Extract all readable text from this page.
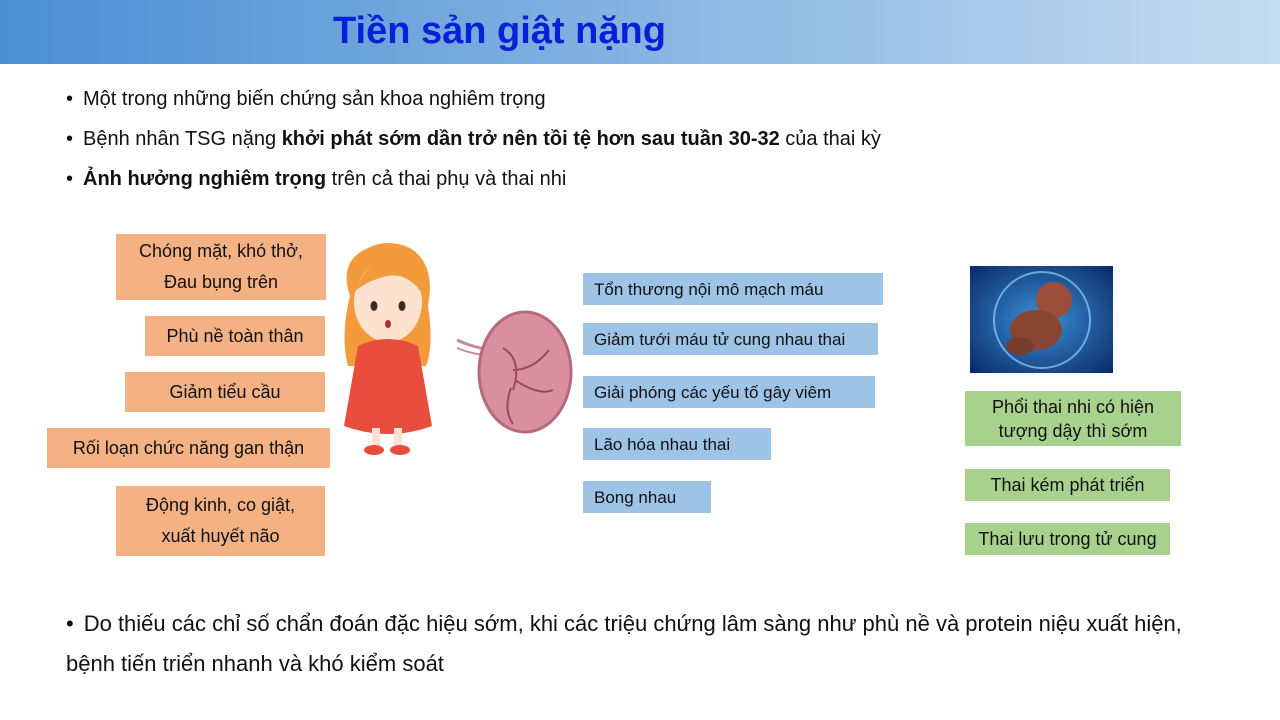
Tiền sản giật nặng
• Một trong những biến chứng sản khoa nghiêm trọng
• Bệnh nhân TSG nặng khởi phát sớm dần trở nên tồi tệ hơn sau tuần 30-32 của thai kỳ
• Ảnh hưởng nghiêm trọng trên cả thai phụ và thai nhi
Chóng mặt, khó thở,
Đau bụng trên
Phù nề toàn thân
Giảm tiểu cầu
Rối loạn chức năng gan thận
Động kinh, co giật,
xuất huyết não
Tổn thương nội mô mạch máu
Giảm tưới máu tử cung nhau thai
Giải phóng các yếu tố gây viêm
Lão hóa nhau thai
Bong nhau
Phổi thai nhi có hiện
tượng dậy thì sớm
Thai kém phát triển
Thai lưu trong tử cung
• Do thiếu các chỉ số chẩn đoán đặc hiệu sớm, khi các triệu chứng lâm sàng như phù nề và protein niệu xuất hiện, bệnh tiến triển nhanh và khó kiểm soát
